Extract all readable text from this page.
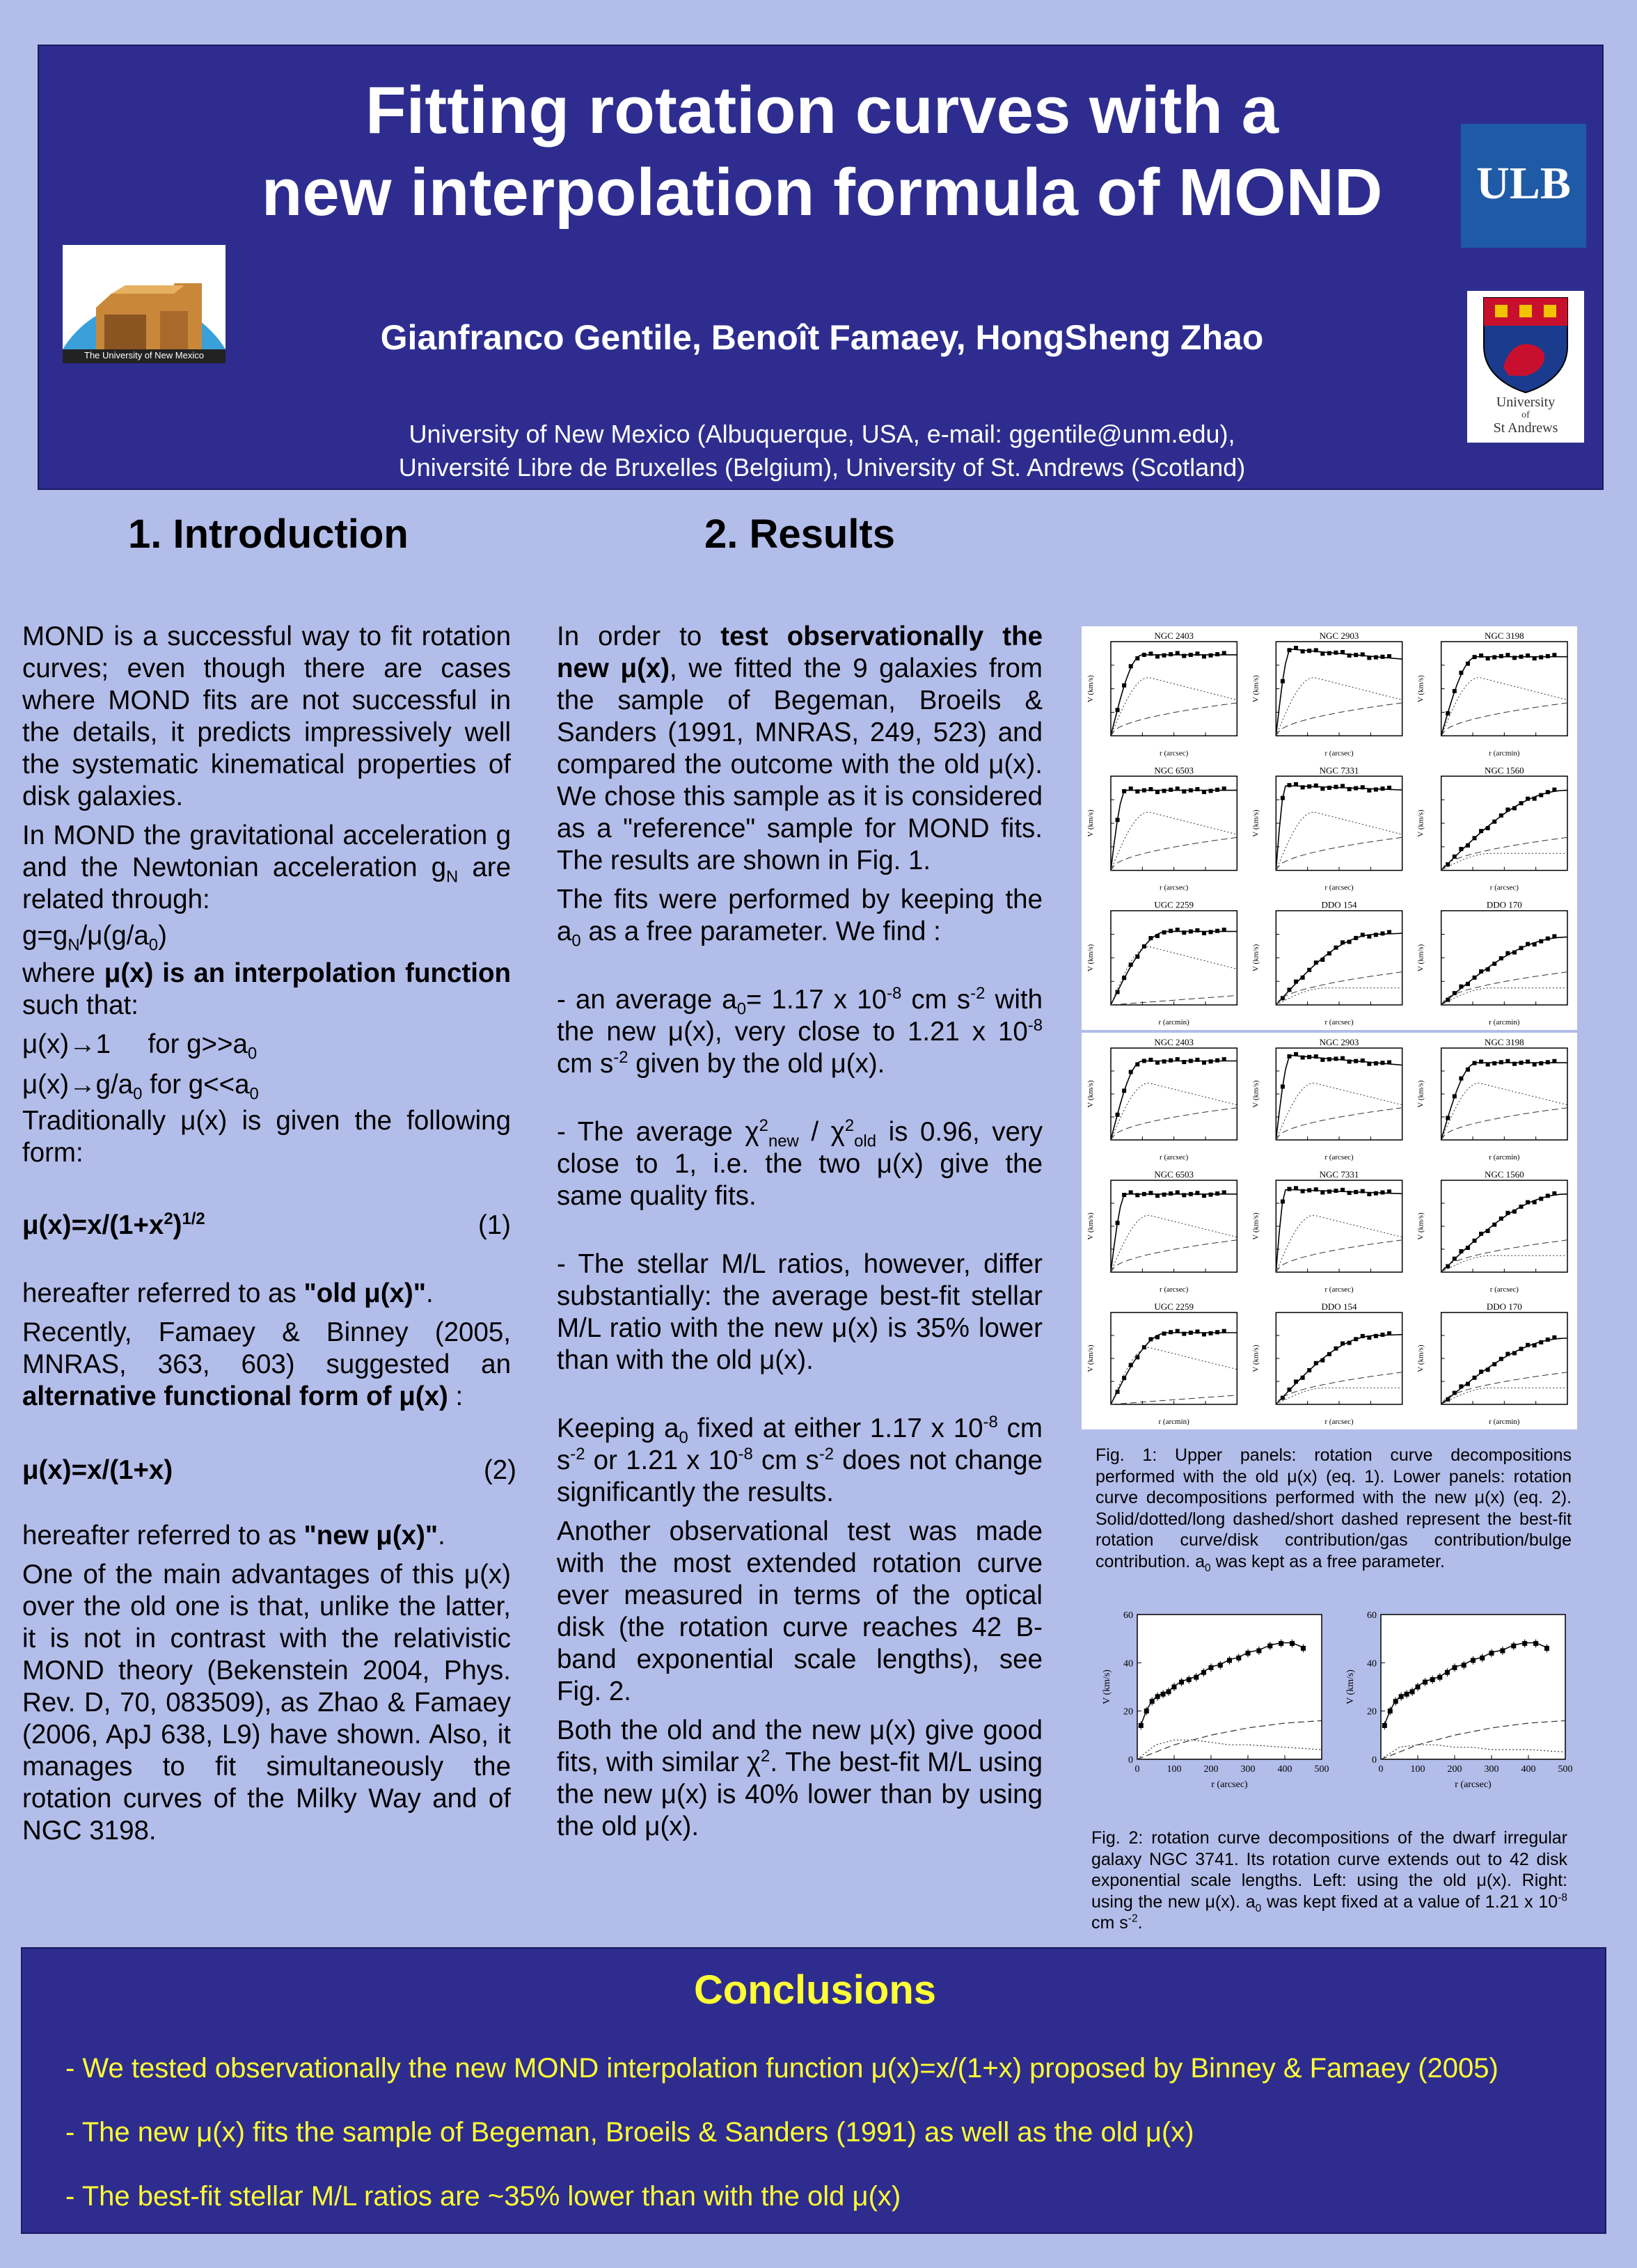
Fitting rotation curves with a
new interpolation formula of MOND
Gianfranco Gentile, Benoît Famaey, HongSheng Zhao
University of New Mexico (Albuquerque, USA, e-mail: ggentile@unm.edu),
Université Libre de Bruxelles (Belgium), University of St. Andrews (Scotland)
The University of New Mexico
ULB
University
of
St Andrews
1. Introduction	2. Results

MOND is a successful way to fit rotation curves; even though there are cases where MOND fits are not successful in the details, it predicts impressively well the systematic kinematical properties of disk galaxies.

In MOND the gravitational acceleration g and the Newtonian acceleration $g_N$ are related through:

$g=g_N/\mu(g/a_0)$

where μ(x) is an interpolation function such that:

μ(x)→1     for $g>>a_0$

$\mu(x)\to g/a_0$ for $g<<a_0$

Traditionally μ(x) is given the following form:

$\mu(x)=x/(1+x^2)^{1/2}$	(1)

hereafter referred to as "old μ(x)".

Recently, Famaey & Binney (2005, MNRAS, 363, 603) suggested an alternative functional form of μ(x) :

μ(x)=x/(1+x)	(2)

hereafter referred to as "new μ(x)".

One of the main advantages of this μ(x) over the old one is that, unlike the latter, it is not in contrast with the relativistic MOND theory (Bekenstein 2004, Phys. Rev. D, 70, 083509), as Zhao & Famaey (2006, ApJ 638, L9) have shown. Also, it manages to fit simultaneously the rotation curves of the Milky Way and of NGC 3198.

In order to test observationally the new μ(x), we fitted the 9 galaxies from the sample of Begeman, Broeils & Sanders (1991, MNRAS, 249, 523) and compared the outcome with the old μ(x). We chose this sample as it is considered as a "reference" sample for MOND fits. The results are shown in Fig. 1.

The fits were performed by keeping the $a_0$ as a free parameter. We find :

- an average $a_0= 1.17$ x $10^{-8}$ cm $s^{-2}$ with the new μ(x), very close to 1.21 x $10^{-8}$ cm $s^{-2}$ given by the old μ(x).

- The average $\chi^2_{new} / \chi^2_{old}$ is 0.96, very close to 1, i.e. the two μ(x) give the same quality fits.

- The stellar M/L ratios, however, differ substantially: the average best-fit stellar M/L ratio with the new μ(x) is 35% lower than with the old μ(x).

Keeping $a_0$ fixed at either 1.17 x $10^{-8}$ cm $s^{-2}$ or 1.21 x $10^{-8}$ cm $s^{-2}$ does not change significantly the results.

Another observational test was made with the most extended rotation curve ever measured in terms of the optical disk (the rotation curve reaches 42 B-band exponential scale lengths), see Fig. 2.

Both the old and the new μ(x) give good fits, with similar $\chi^2$. The best-fit M/L using the new μ(x) is 40% lower than by using the old μ(x).

NGC 2403
V (km/s)
r (arcsec)
NGC 2903
V (km/s)
r (arcsec)
NGC 3198
V (km/s)
r (arcmin)
NGC 6503
V (km/s)
r (arcsec)
NGC 7331
V (km/s)
r (arcsec)
NGC 1560
V (km/s)
r (arcsec)
UGC 2259
V (km/s)
r (arcmin)
DDO 154
V (km/s)
r (arcsec)
DDO 170
V (km/s)
r (arcmin)
NGC 2403
V (km/s)
r (arcsec)
NGC 2903
V (km/s)
r (arcsec)
NGC 3198
V (km/s)
r (arcmin)
NGC 6503
V (km/s)
r (arcsec)
NGC 7331
V (km/s)
r (arcsec)
NGC 1560
V (km/s)
r (arcsec)
UGC 2259
V (km/s)
r (arcmin)
DDO 154
V (km/s)
r (arcsec)
DDO 170
V (km/s)
r (arcmin)
Fig. 1: Upper panels: rotation curve decompositions performed with the old μ(x) (eq. 1). Lower panels: rotation curve decompositions performed with the new μ(x) (eq. 2). Solid/dotted/long dashed/short dashed represent the best-fit rotation curve/disk contribution/gas contribution/bulge contribution. $a_0$ was kept as a free parameter.
0
20
40
60
0	100 200 300 400 500
r (arcsec)
V (km/s)
0
20
40
60
0	100 200 300 400 500
r (arcsec)
V (km/s)
Fig. 2: rotation curve decompositions of the dwarf irregular galaxy NGC 3741. Its rotation curve extends out to 42 disk exponential scale lengths. Left: using the old μ(x). Right: using the new μ(x). $a_0$ was kept fixed at a value of 1.21 x $10^{-8}$ cm $s^{-2}$.
Conclusions
- We tested observationally the new MOND interpolation function μ(x)=x/(1+x) proposed by Binney & Famaey (2005)
- The new μ(x) fits the sample of Begeman, Broeils & Sanders (1991) as well as the old μ(x)
- The best-fit stellar M/L ratios are ~35% lower than with the old μ(x)
